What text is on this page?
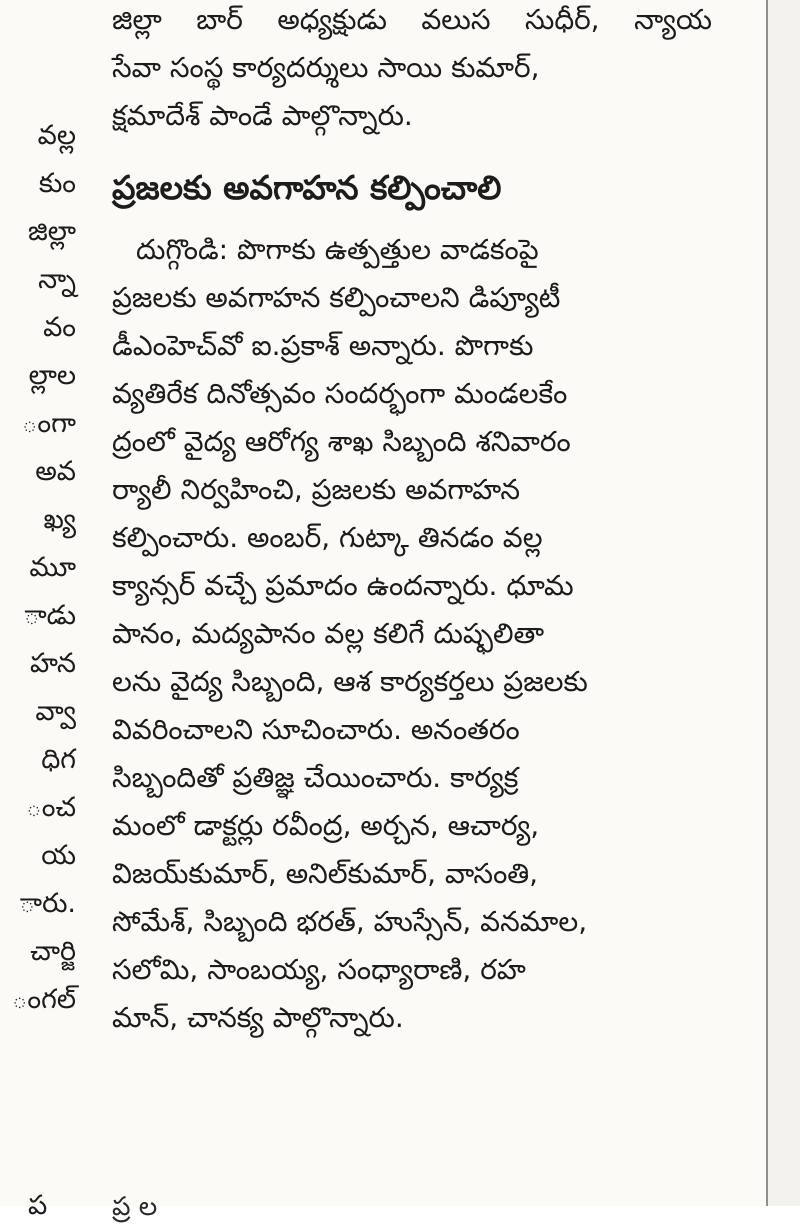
వల్ల
కుం
జిల్లా
న్నా
వం
ల్లాల
ంగా
అవ
ఖ్య
మూ
ాడు
హన
వ్వా
ధిగ
ంచ
య
ారు.
చార్జి
ంగల్
ప
జిల్లా బార్ అధ్యక్షుడు వలుస సుధీర్, న్యాయ
సేవా సంస్థ కార్యదర్శులు సాయి కుమార్,
క్షమాదేశ్ పాండే పాల్గొన్నారు.
ప్రజలకు అవగాహన కల్పించాలి
దుగ్గొండి: పొగాకు ఉత్పత్తుల వాడకంపై
ప్రజలకు అవగాహన కల్పించాలని డిప్యూటీ
డీఎంహెచ్‌వో ఐ.ప్రకాశ్ అన్నారు. పొగాకు
వ్యతిరేక దినోత్సవం సందర్భంగా మండలకేం
ద్రంలో వైద్య ఆరోగ్య శాఖ సిబ్బంది శనివారం
ర్యాలీ నిర్వహించి, ప్రజలకు అవగాహన
కల్పించారు. అంబర్, గుట్కా తినడం వల్ల
క్యాన్సర్ వచ్చే ప్రమాదం ఉందన్నారు. ధూమ
పానం, మద్యపానం వల్ల కలిగే దుష్ఫలితా
లను వైద్య సిబ్బంది, ఆశ కార్యకర్తలు ప్రజలకు
వివరించాలని సూచించారు. అనంతరం
సిబ్బందితో ప్రతిజ్ఞ చేయించారు. కార్యక్ర
మంలో డాక్టర్లు రవీంద్ర, అర్చన, ఆచార్య,
విజయ్‌కుమార్, అనిల్‌కుమార్, వాసంతి,
సోమేశ్, సిబ్బంది భరత్, హుస్సేన్, వనమాల,
సలోమి, సాంబయ్య, సంధ్యారాణి, రహ
మాన్, చానక్య పాల్గొన్నారు.
ప్ర ల
